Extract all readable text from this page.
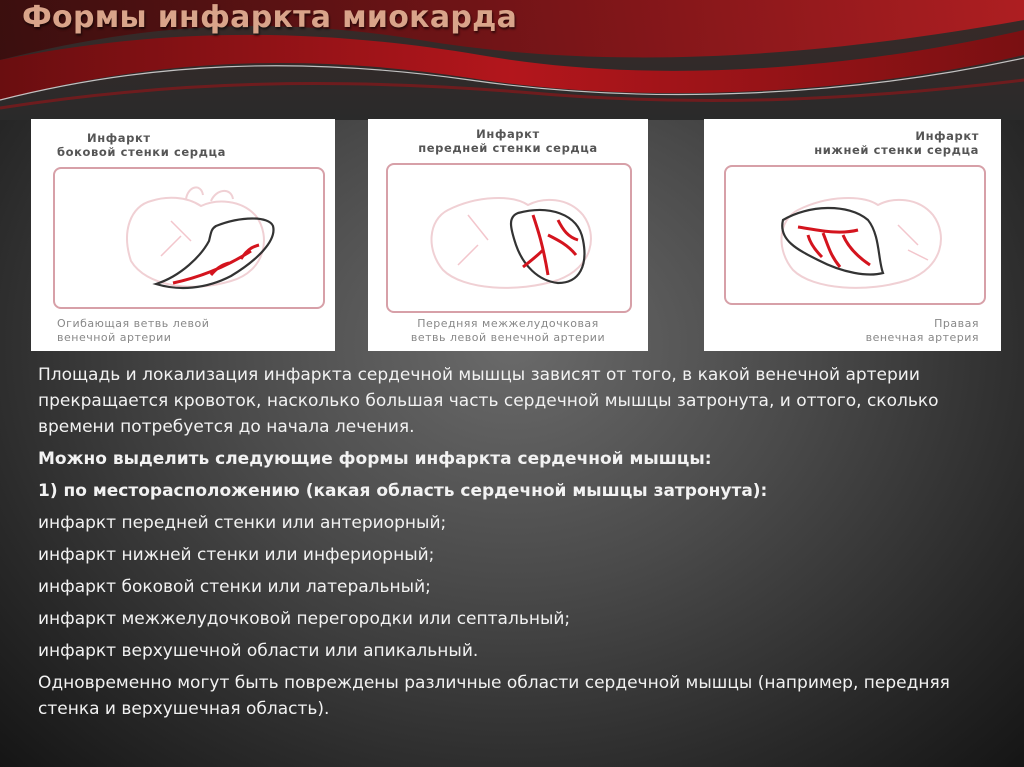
Формы инфаркта миокарда
Инфаркт
боковой стенки сердца
Огибающая ветвь левой
венечной артерии
Инфаркт
передней стенки сердца
Передняя межжелудочковая
ветвь левой венечной артерии
Инфаркт
нижней стенки сердца
Правая
венечная артерия

Площадь и локализация инфаркта сердечной мышцы зависят от того, в какой венечной артерии прекращается кровоток, насколько большая часть сердечной мышцы затронута, и оттого, сколько времени потребуется до начала лечения.

Можно выделить следующие формы инфаркта сердечной мышцы:

1) по месторасположению (какая область сердечной мышцы затронута):

инфаркт передней стенки или антериорный;

инфаркт нижней стенки или инфериорный;

инфаркт боковой стенки или латеральный;

инфаркт межжелудочковой перегородки или септальный;

инфаркт верхушечной области или апикальный.

Одновременно могут быть повреждены различные области сердечной мышцы (например, передняя стенка и верхушечная область).
